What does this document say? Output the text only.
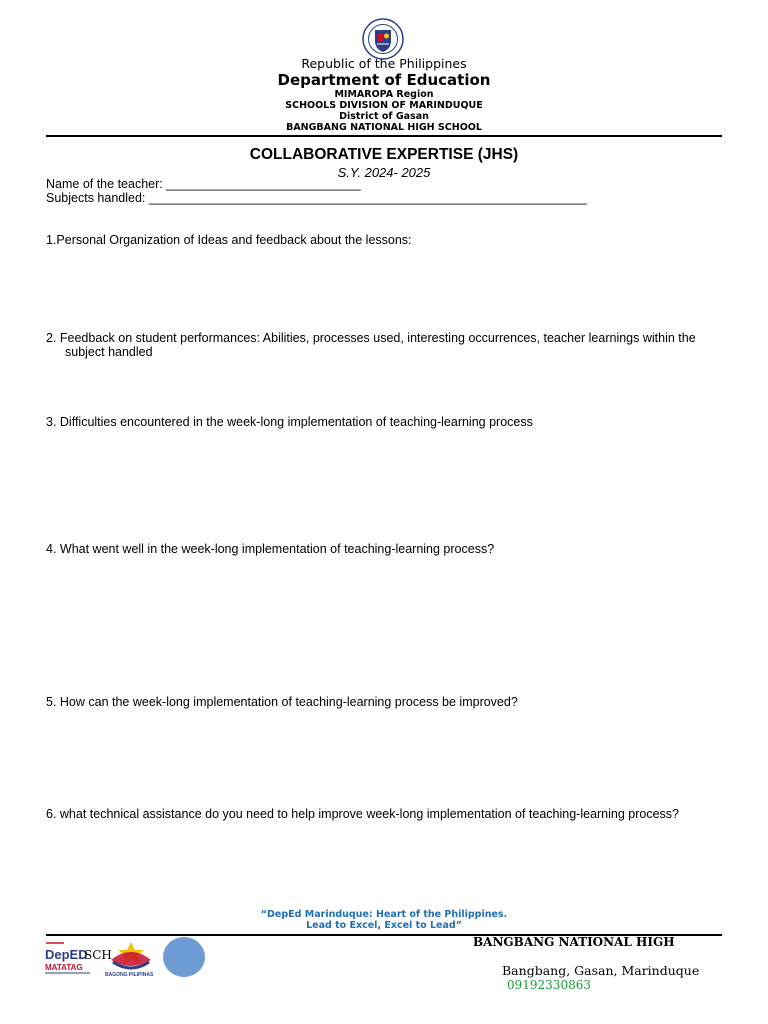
Republic of the Philippines
Department of Education
MIMAROPA Region
SCHOOLS DIVISION OF MARINDUQUE
District of Gasan
BANGBANG NATIONAL HIGH SCHOOL
COLLABORATIVE EXPERTISE (JHS)
S.Y. 2024- 2025
Name of the teacher: ____________________________
Subjects handled: _______________________________________________________________
1.Personal Organization of Ideas and feedback about the lessons:
2. Feedback on student performances: Abilities, processes used, interesting occurrences, teacher learnings within the
subject handled
3. Difficulties encountered in the week-long implementation of teaching-learning process
4. What went well in the week-long implementation of teaching-learning process?
5. How can the week-long implementation of teaching-learning process be improved?
6. what technical assistance do you need to help improve week-long implementation of teaching-learning process?
“DepEd Marinduque: Heart of the Philippines.
Lead to Excel, Excel to Lead”
DepED
MATATAG
SCH
BAGONG PILIPINAS
BANGBANG NATIONAL HIGH
Bangbang, Gasan, Marinduque
09192330863
